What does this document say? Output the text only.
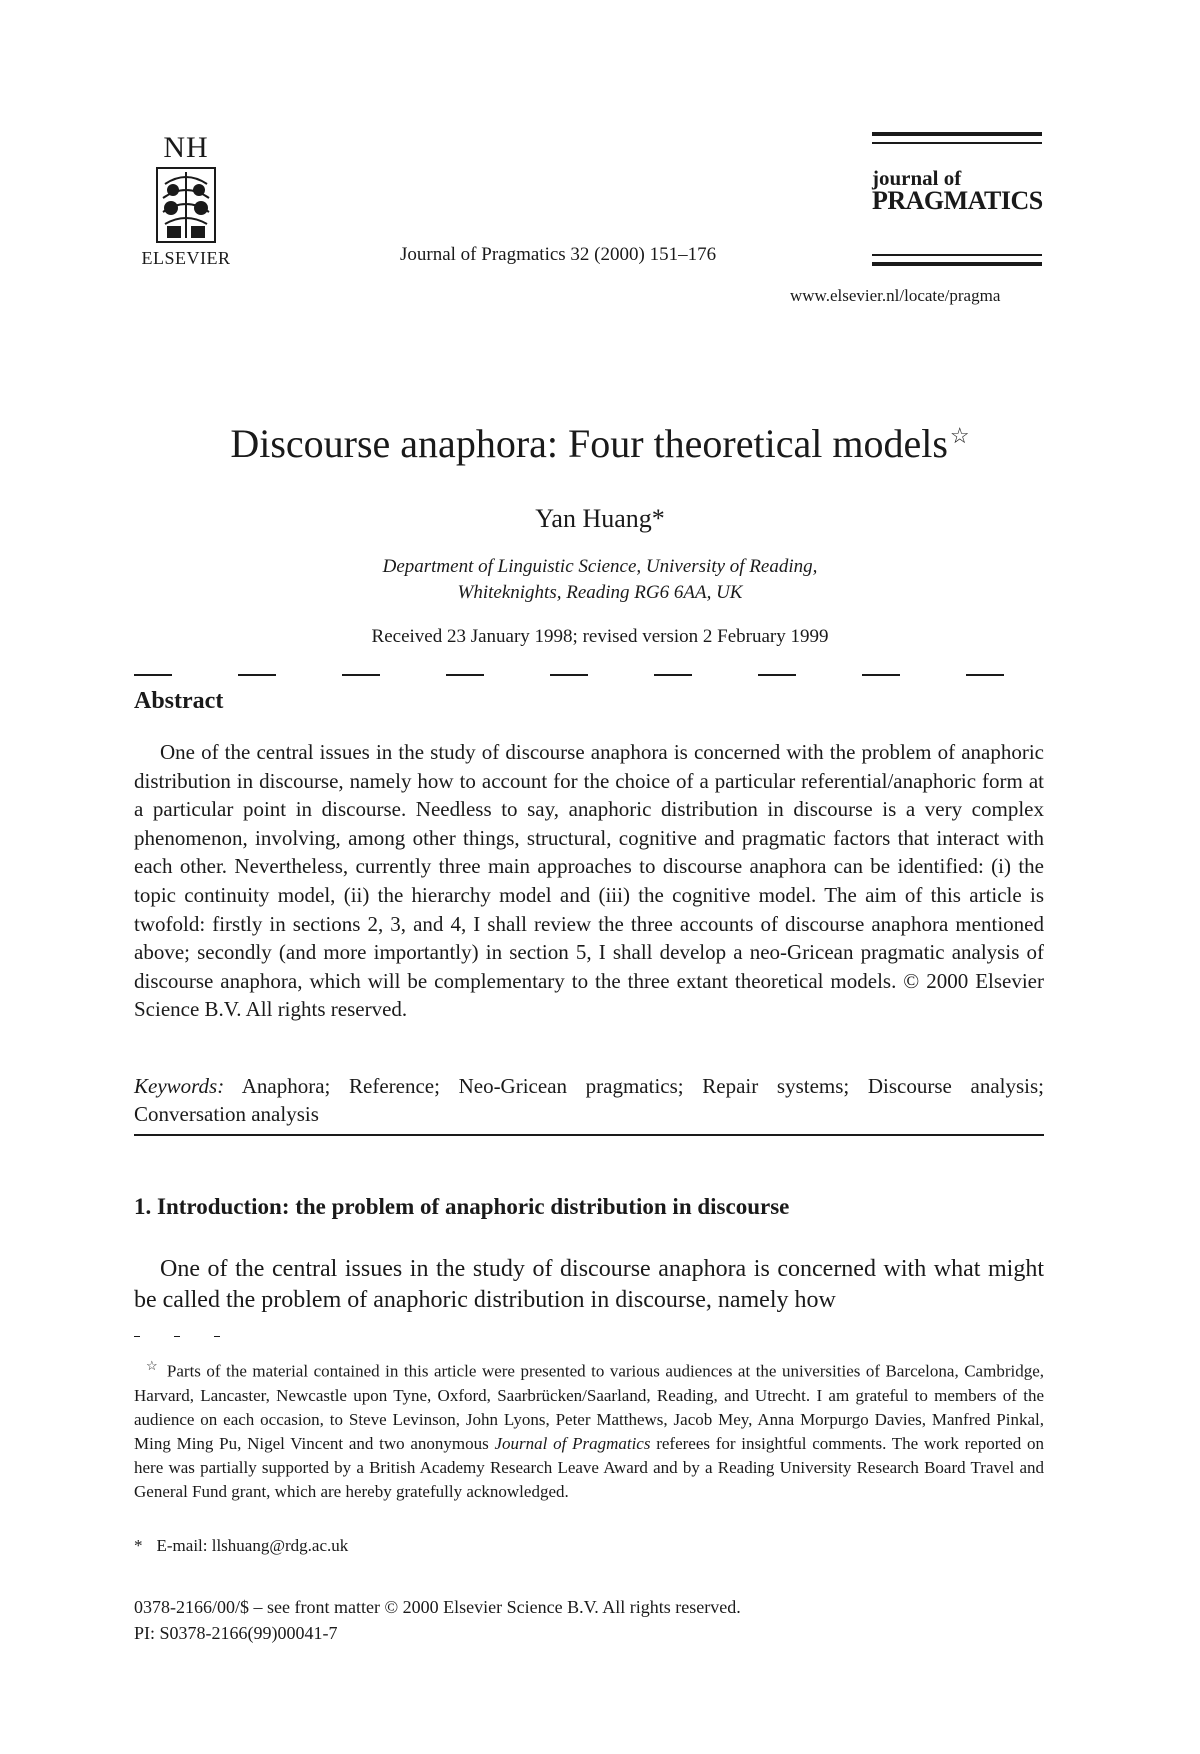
NH
ELSEVIER	Journal of Pragmatics 32 (2000) 151–176
journal of
PRAGMATICS
www.elsevier.nl/locate/pragma
Discourse anaphora: Four theoretical models☆
Yan Huang*
Department of Linguistic Science, University of Reading,
Whiteknights, Reading RG6 6AA, UK
Received 23 January 1998; revised version 2 February 1999
Abstract
One of the central issues in the study of discourse anaphora is concerned with the problem of anaphoric distribution in discourse, namely how to account for the choice of a particular referential/anaphoric form at a particular point in discourse. Needless to say, anaphoric distribution in discourse is a very complex phenomenon, involving, among other things, structural, cognitive and pragmatic factors that interact with each other. Nevertheless, currently three main approaches to discourse anaphora can be identified: (i) the topic continuity model, (ii) the hierarchy model and (iii) the cognitive model. The aim of this article is twofold: firstly in sections 2, 3, and 4, I shall review the three accounts of discourse anaphora mentioned above; secondly (and more importantly) in section 5, I shall develop a neo-Gricean pragmatic analysis of discourse anaphora, which will be complementary to the three extant theoretical models. © 2000 Elsevier Science B.V. All rights reserved.
Keywords: Anaphora; Reference; Neo-Gricean pragmatics; Repair systems; Discourse analysis; Conversation analysis
1. Introduction: the problem of anaphoric distribution in discourse
One of the central issues in the study of discourse anaphora is concerned with what might be called the problem of anaphoric distribution in discourse, namely how
☆ Parts of the material contained in this article were presented to various audiences at the universities of Barcelona, Cambridge, Harvard, Lancaster, Newcastle upon Tyne, Oxford, Saarbrücken/Saarland, Reading, and Utrecht. I am grateful to members of the audience on each occasion, to Steve Levinson, John Lyons, Peter Matthews, Jacob Mey, Anna Morpurgo Davies, Manfred Pinkal, Ming Ming Pu, Nigel Vincent and two anonymous Journal of Pragmatics referees for insightful comments. The work reported on here was partially supported by a British Academy Research Leave Award and by a Reading University Research Board Travel and General Fund grant, which are hereby gratefully acknowledged.
* E-mail: llshuang@rdg.ac.uk
0378-2166/00/$ – see front matter © 2000 Elsevier Science B.V. All rights reserved.
PI: S0378-2166(99)00041-7
